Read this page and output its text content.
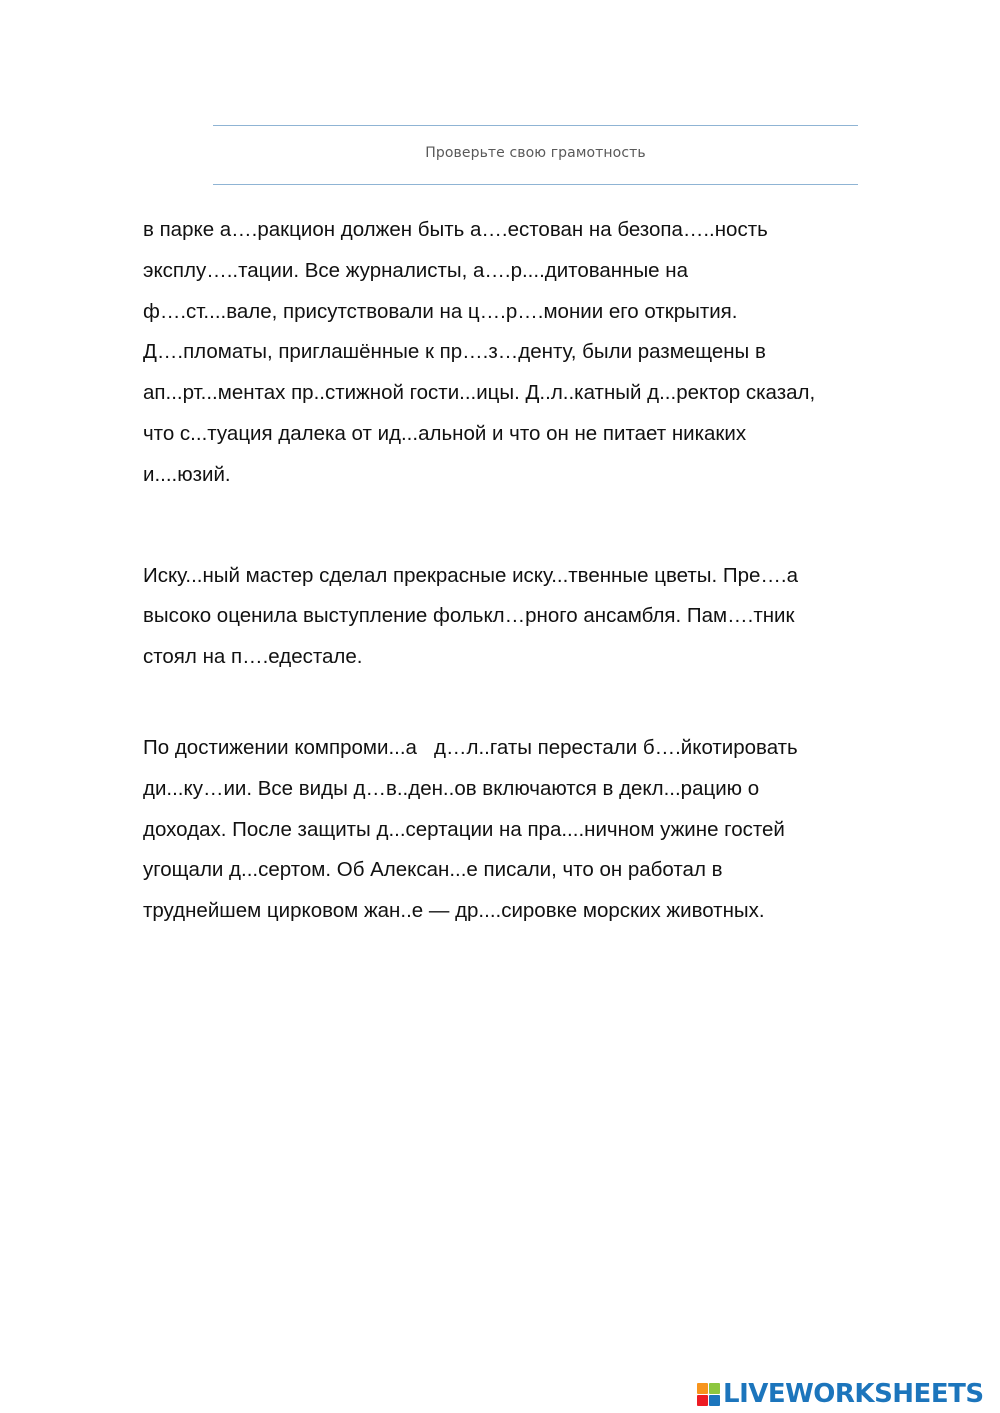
Проверьте свою грамотность

в парке а….ракцион должен быть а….естован на безопа…..ность
эксплу…..тации. Все журналисты, а….р....дитованные на
ф….ст....вале, присутствовали на ц….р….монии его открытия.
Д….пломаты, приглашённые к пр….з…денту, были размещены в
ап...рт...ментах пр..стижной гости...ицы. Д..л..катный д...ректор сказал,
что с...туация далека от ид...альной и что он не питает никаких
и....юзий.

Иску...ный мастер сделал прекрасные иску...твенные цветы. Пре….а
высоко оценила выступление фолькл…рного ансамбля. Пам….тник
стоял на п….едестале.

По достижении компроми...а   д…л..гаты перестали б….йкотировать
ди...ку…ии. Все виды д…в..ден..ов включаются в декл...рацию о
доходах. После защиты д...сертации на пра....ничном ужине гостей
угощали д...сертом. Об Алексан...е писали, что он работал в
труднейшем цирковом жан..е — др....сировке морских животных.

LIVEWORKSHEETS
